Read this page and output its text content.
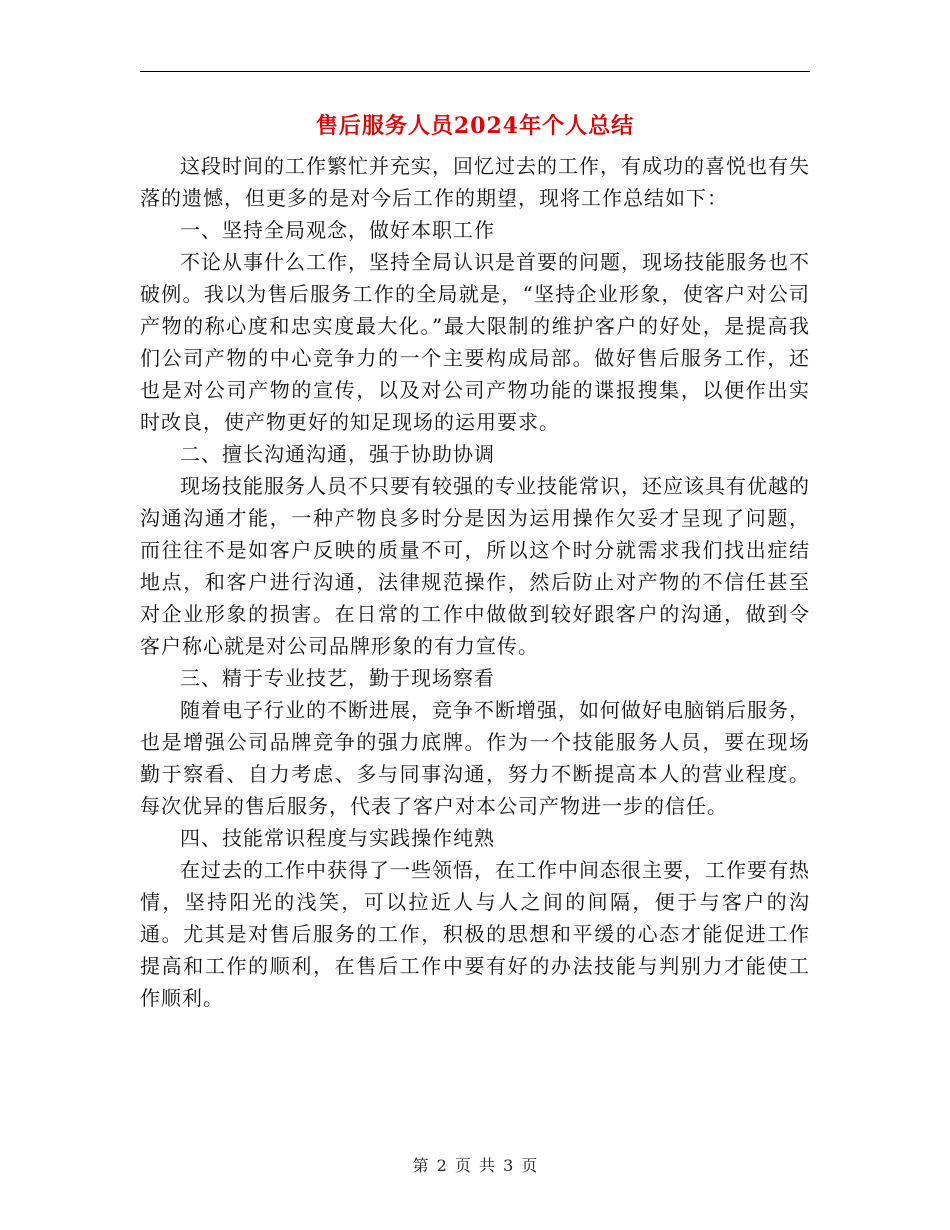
售后服务人员2024年个人总结

这段时间的工作繁忙并充实，回忆过去的工作，有成功的喜悦也有失落的遗憾，但更多的是对今后工作的期望，现将工作总结如下：

一、坚持全局观念，做好本职工作

不论从事什么工作，坚持全局认识是首要的问题，现场技能服务也不破例。我以为售后服务工作的全局就是，“坚持企业形象，使客户对公司产物的称心度和忠实度最大化。”最大限制的维护客户的好处，是提高我们公司产物的中心竞争力的一个主要构成局部。做好售后服务工作，还也是对公司产物的宣传，以及对公司产物功能的谍报搜集，以便作出实时改良，使产物更好的知足现场的运用要求。

二、擅长沟通沟通，强于协助协调

现场技能服务人员不只要有较强的专业技能常识，还应该具有优越的沟通沟通才能，一种产物良多时分是因为运用操作欠妥才呈现了问题，而往往不是如客户反映的质量不可，所以这个时分就需求我们找出症结地点，和客户进行沟通，法律规范操作，然后防止对产物的不信任甚至对企业形象的损害。在日常的工作中做做到较好跟客户的沟通，做到令客户称心就是对公司品牌形象的有力宣传。

三、精于专业技艺，勤于现场察看

随着电子行业的不断进展，竞争不断增强，如何做好电脑销后服务，也是增强公司品牌竞争的强力底牌。作为一个技能服务人员，要在现场勤于察看、自力考虑、多与同事沟通，努力不断提高本人的营业程度。每次优异的售后服务，代表了客户对本公司产物进一步的信任。

四、技能常识程度与实践操作纯熟

在过去的工作中获得了一些领悟，在工作中间态很主要，工作要有热情，坚持阳光的浅笑，可以拉近人与人之间的间隔，便于与客户的沟通。尤其是对售后服务的工作，积极的思想和平缓的心态才能促进工作提高和工作的顺利，在售后工作中要有好的办法技能与判别力才能使工作顺利。

第 2 页 共 3 页
